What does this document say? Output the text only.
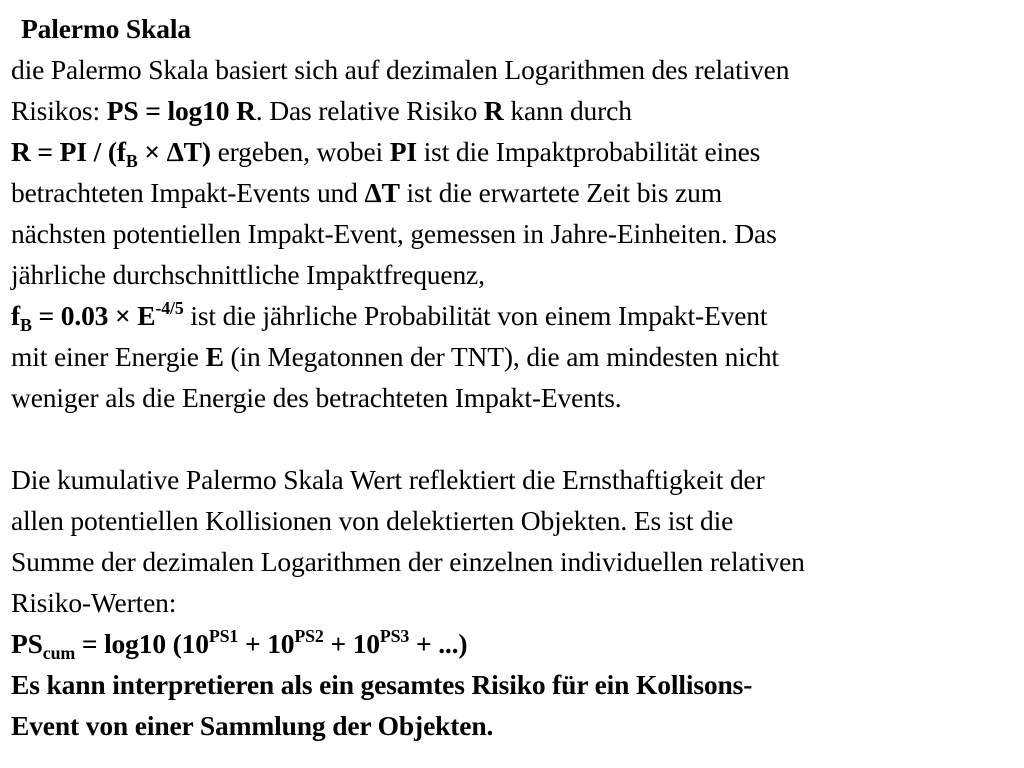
Palermo Skala
die Palermo Skala basiert sich auf dezimalen Logarithmen des relativen
Risikos: PS = log10 R. Das relative Risiko R kann durch
R = PI / $(f_B \times \Delta T)$ ergeben, wobei PI ist die Impaktprobabilität eines
betrachteten Impakt-Events und ΔT ist die erwartete Zeit bis zum
nächsten potentiellen Impakt-Event, gemessen in Jahre-Einheiten. Das
jährliche durchschnittliche Impaktfrequenz,
$f_B = 0.03 \times E^{-4/5}$ ist die jährliche Probabilität von einem Impakt-Event
mit einer Energie E (in Megatonnen der TNT), die am mindesten nicht
weniger als die Energie des betrachteten Impakt-Events.
Die kumulative Palermo Skala Wert reflektiert die Ernsthaftigkeit der
allen potentiellen Kollisionen von delektierten Objekten. Es ist die
Summe der dezimalen Logarithmen der einzelnen individuellen relativen
Risiko-Werten:
$PS_{cum} = \log 10$ ($10^{PS1} + 10^{PS2} + 10^{PS3}$ + ...)
Es kann interpretieren als ein gesamtes Risiko für ein Kollisons-
Event von einer Sammlung der Objekten.
